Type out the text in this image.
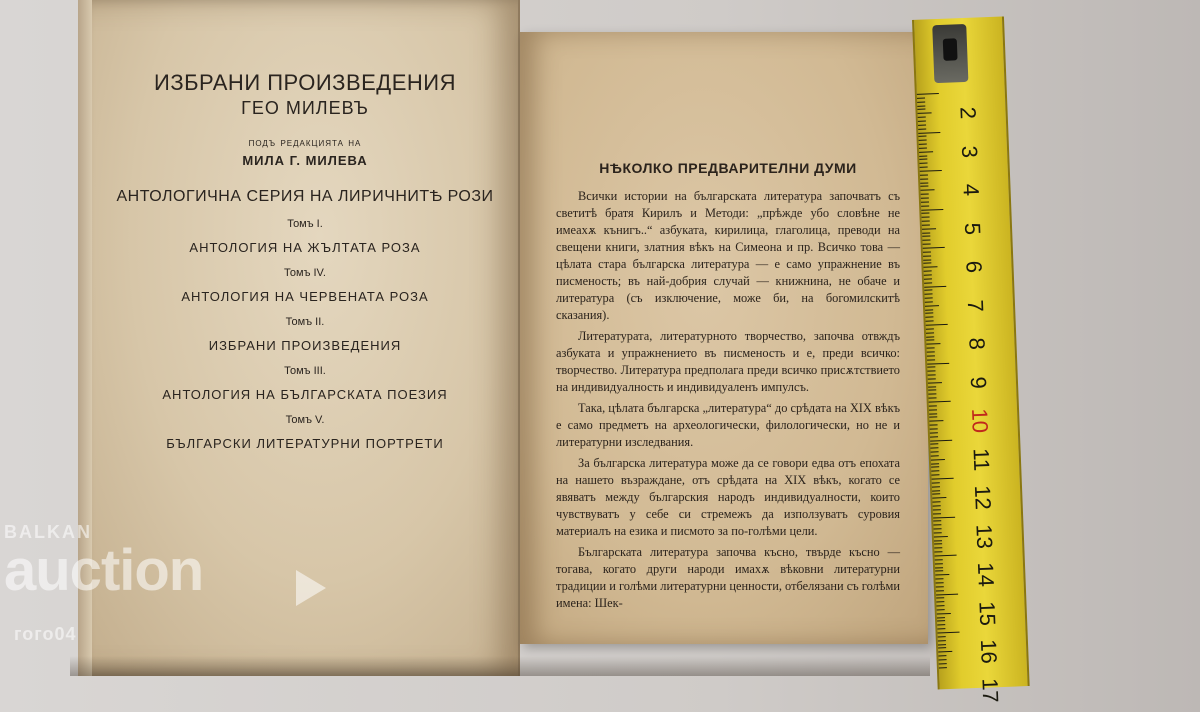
ИЗБРАНИ ПРОИЗВЕДЕНИЯ

ГЕО МИЛЕВЪ

подъ редакцията на

МИЛА Г. МИЛЕВА

АНТОЛОГИЧНА СЕРИЯ НА ЛИРИЧНИТѢ РОЗИ

Томъ I.
АНТОЛОГИЯ НА ЖЪЛТАТА РОЗА
Томъ IV.
АНТОЛОГИЯ НА ЧЕРВЕНАТА РОЗА
Томъ II.
ИЗБРАНИ ПРОИЗВЕДЕНИЯ
Томъ III.
АНТОЛОГИЯ НА БЪЛГАРСКАТА ПОЕЗИЯ
Томъ V.
БЪЛГАРСКИ ЛИТЕРАТУРНИ ПОРТРЕТИ

НѢКОЛКО ПРЕДВАРИТЕЛНИ ДУМИ

Всички истории на българската литература започватъ съ светитѣ братя Кирилъ и Методи: „прѣжде убо словѣне не имеахѫ кънигъ..“ азбуката, кирилица, глаголица, преводи на свещени книги, златния вѣкъ на Симеона и пр. Всичко това — цѣлата стара българска литература — е само упражнение въ писменость; въ най-добрия случай — книжнина, не обаче и литература (съ изключение, може би, на богомилскитѣ сказания).

Литературата, литературното творчество, започва отвждъ азбуката и упражнението въ писменость и е, преди всичко: творчество. Литература предполага преди всичко присѫтствието на индивидуалность и индивидуаленъ импулсъ.

Така, цѣлата българска „литература“ до срѣдата на XIX вѣкъ е само предметъ на археологически, филологически, но не и литературни изследвания.

За българска литература може да се говори едва отъ епохата на нашето възраждане, отъ срѣдата на XIX вѣкъ, когато се явяватъ между българския народъ индивидуалности, които чувствуватъ у себе си стремежъ да използуватъ суровия материалъ на езика и писмото за по-голѣми цели.

Българската литература започва късно, твърде късно — тогава, когато други народи имахѫ вѣковни литературни традиции и голѣми литературни ценности, отбелязани съ голѣми имена: Шек-

2
3
4
5
6
7
8
9
10
11
12
13
14
15
16
17
BALKAN
auction
гого04
